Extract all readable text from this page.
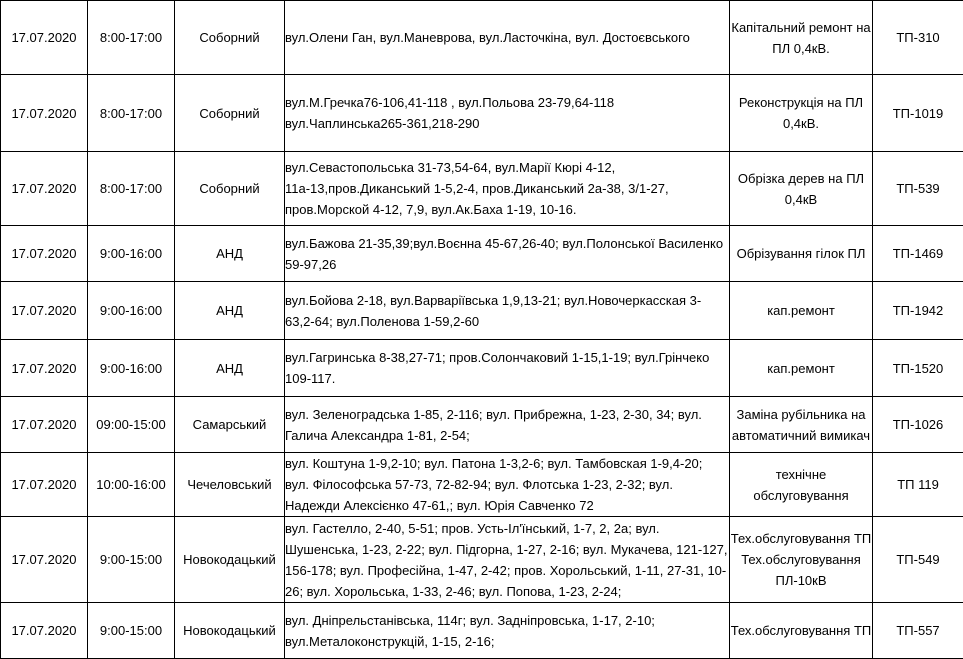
17.07.2020	8:00-17:00	Соборний	вул.Олени Ган, вул.Маневрова, вул.Ласточкіна, вул. Достоєвського	Капітальний ремонт на ПЛ 0,4кВ.	ТП-310
17.07.2020	8:00-17:00	Соборний	вул.М.Гречка76-106,41-118 , вул.Польова 23-79,64-118 вул.Чаплинська265-361,218-290	Реконструкція на ПЛ 0,4кВ.	ТП-1019
17.07.2020	8:00-17:00	Соборний	вул.Севастопольська 31-73,54-64, вул.Марії Кюрі 4-12, 11а-13,пров.Диканський 1-5,2-4, пров.Диканський 2а-38, 3/1-27, пров.Морской 4-12, 7,9, вул.Ак.Баха 1-19, 10-16.	Обрізка дерев на ПЛ 0,4кВ	ТП-539
17.07.2020	9:00-16:00	АНД	вул.Бажова 21-35,39;вул.Воєнна 45-67,26-40; вул.Полонської Василенко 59-97,26	Обрізування гілок ПЛ	ТП-1469
17.07.2020	9:00-16:00	АНД	вул.Бойова 2-18, вул.Варваріївська 1,9,13-21; вул.Новочеркасская 3-63,2-64; вул.Поленова 1-59,2-60	кап.ремонт	ТП-1942
17.07.2020	9:00-16:00	АНД	вул.Гагринська 8-38,27-71; пров.Солончаковий 1-15,1-19; вул.Грінчеко 109-117.	кап.ремонт	ТП-1520
17.07.2020	09:00-15:00	Самарський	вул. Зеленоградська 1-85, 2-116; вул. Прибрежна, 1-23, 2-30, 34; вул. Галича Александра 1-81, 2-54;	Заміна рубільника на автоматичний вимикач	ТП-1026
17.07.2020	10:00-16:00	Чечеловський	вул. Коштуна 1-9,2-10; вул. Патона 1-3,2-6; вул. Тамбовская 1-9,4-20; вул. Філософська 57-73, 72-82-94; вул. Флотська 1-23, 2-32; вул. Надежди Алексієнко 47-61,; вул. Юрія Савченко 72	технічне обслуговування	ТП 119
17.07.2020	9:00-15:00	Новокодацький	вул. Гастелло, 2-40, 5-51; пров. Усть-Іл'їнський, 1-7, 2, 2а; вул. Шушенська, 1-23, 2-22; вул. Підгорна, 1-27, 2-16; вул. Мукачева, 121-127, 156-178; вул. Професійна, 1-47, 2-42; пров. Хорольський, 1-11, 27-31, 10-26; вул. Хорольська, 1-33, 2-46; вул. Попова, 1-23, 2-24;	Тех.обслуговування ТП Тех.обслуговування ПЛ-10кВ	ТП-549
17.07.2020	9:00-15:00	Новокодацький	вул. Дніпрельстанівська, 114г; вул. Задніпровська, 1-17, 2-10; вул.Металоконструкцій, 1-15, 2-16;	Тех.обслуговування ТП	ТП-557
